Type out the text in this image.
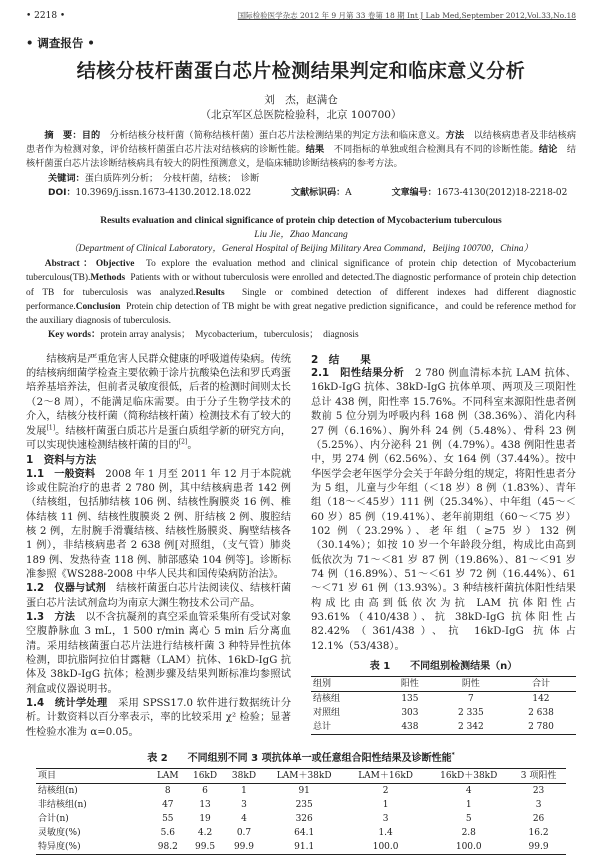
• 2218 •	国际检验医学杂志 2012 年 9 月第 33 卷第 18 期 Int J Lab Med,September 2012,Vol.33,No.18
• 调查报告 •
结核分枝杆菌蛋白芯片检测结果判定和临床意义分析
刘　杰，赵满仓
（北京军区总医院检验科，北京 100700）
摘　要：目的　 分析结核分枝杆菌（简称结核杆菌）蛋白芯片法检测结果的判定方法和临床意义。方法　 以结核病患者及非结核病患者作为检测对象，评价结核杆菌蛋白芯片法对结核病的诊断性能。结果　 不同指标的单独或组合检测具有不同的诊断性能。结论　 结核杆菌蛋白芯片法诊断结核病具有较大的阴性预测意义，是临床辅助诊断结核病的参考方法。
关键词：蛋白质阵列分析；　分枝杆菌，结核；　诊断
DOI：10.3969/j.issn.1673-4130.2012.18.022	文献标识码：A	文章编号：1673-4130(2012)18-2218-02
Results evaluation and clinical significance of protein chip detection of Mycobacterium tuberculous
Liu Jie，Zhao Mancang
（Department of Clinical Laboratory，General Hospital of Beijing Military Area Command，Beijing 100700，China）
Abstract：Objective To explore the evaluation method and clinical significance of protein chip detection of Mycobacterium tuberculous(TB).Methods Patients with or without tuberculosis were enrolled and detected.The diagnostic performance of protein chip detection of TB for tuberculosis was analyzed.Results Single or combined detection of different indexes had different diagnostic performance.Conclusion Protein chip detection of TB might be with great negative prediction significance，and could be reference method for the auxiliary diagnosis of tuberculosis.
Key words：protein array analysis；　Mycobacterium，tuberculosis；　diagnosis

结核病是严重危害人民群众健康的呼吸道传染病。传统的结核病细菌学检查主要依赖于涂片抗酸染色法和罗氏鸡蛋培养基培养法，但前者灵敏度很低，后者的检测时间则太长（2～8 周），不能满足临床需要。由于分子生物学技术的介入，结核分枝杆菌（简称结核杆菌）检测技术有了较大的发展[1]。结核杆菌蛋白质芯片是蛋白质组学新的研究方向，可以实现快速检测结核杆菌的目的[2]。

1　资料与方法

1.1　一般资料　 2008 年 1 月至 2011 年 12 月于本院就诊或住院治疗的患者 2 780 例，其中结核病患者 142 例（结核组，包括肺结核 106 例、结核性胸膜炎 16 例、椎体结核 11 例、结核性腹膜炎 2 例、肝结核 2 例、腹腔结核 2 例，左肘腕手滑囊结核、结核性肠膜炎、胸壁结核各 1 例），非结核病患者 2 638 例[对照组，（支气管）肺炎 189 例、发热待查 118 例、肺部感染 104 例等]。诊断标准参照《WS288-2008 中华人民共和国传染病防治法》。

1.2　仪器与试剂　 结核杆菌蛋白芯片法阅读仪、结核杆菌蛋白芯片法试剂盒均为南京大渊生物技术公司产品。

1.3　方法　 以不含抗凝剂的真空采血管采集所有受试对象空腹静脉血 3 mL，1 500 r/min 离心 5 min 后分离血清。采用结核菌蛋白芯片法进行结核杆菌 3 种特异性抗体检测，即抗脂阿拉伯甘露糖（LAM）抗体、16kD-IgG 抗体及 38kD-IgG 抗体；检测步骤及结果判断标准均参照试剂盒或仪器说明书。

1.4　统计学处理　 采用 SPSS17.0 软件进行数据统计分析。计数资料以百分率表示，率的比较采用 χ² 检验；显著性检验水准为 α=0.05。

2　结　　果

2.1　阳性结果分析　 2 780 例血清标本抗 LAM 抗体、16kD-IgG 抗体、38kD-IgG 抗体单项、两项及三项阳性总计 438 例，阳性率 15.76%。不同科室来源阳性患者例数前 5 位分别为呼吸内科 168 例（38.36%）、消化内科 27 例（6.16%）、胸外科 24 例（5.48%）、骨科 23 例（5.25%）、内分泌科 21 例（4.79%）。438 例阳性患者中，男 274 例（62.56%）、女 164 例（37.44%）。按中华医学会老年医学分会关于年龄分组的规定，将阳性患者分为 5 组，儿童与少年组（＜18 岁）8 例（1.83%）、青年组（18～＜45岁）111 例（25.34%）、中年组（45～＜60 岁）85 例（19.41%）、老年前期组（60～＜75 岁）102 例（23.29%）、老年组（≥75 岁）132 例（30.14%）；如按 10 岁一个年龄段分组，构成比由高到低依次为 71～＜81 岁 87 例（19.86%）、81～＜91 岁 74 例（16.89%）、51～＜61 岁 72 例（16.44%）、61～＜71 岁 61 例（13.93%）。3 种结核杆菌抗体阳性结果构成比由高到低依次为抗 LAM 抗体阳性占 93.61%（410/438）、抗 38kD-IgG 抗体阳性占 82.42%（361/438）、抗 16kD-IgG 抗体占 12.1%（53/438）。

表 1　　不同组别检测结果（n）
组别	阳性	阴性	合计
结核组	135	7	142
对照组	303	2 335	2 638
总计	438	2 342	2 780
表 2　　不同组别不同 3 项抗体单一或任意组合阳性结果及诊断性能*
项目	LAM	16kD	38kD	LAM＋38kD	LAM＋16kD	16kD＋38kD	3 项阳性
结核组(n)	8	6	1	91	2	4	23
非结核组(n)	47	13	3	235	1	1	3
合计(n)	55	19	4	326	3	5	26
灵敏度(%)	5.6	4.2	0.7	64.1	1.4	2.8	16.2
特异度(%)	98.2	99.5	99.9	91.1	100.0	100.0	99.9
